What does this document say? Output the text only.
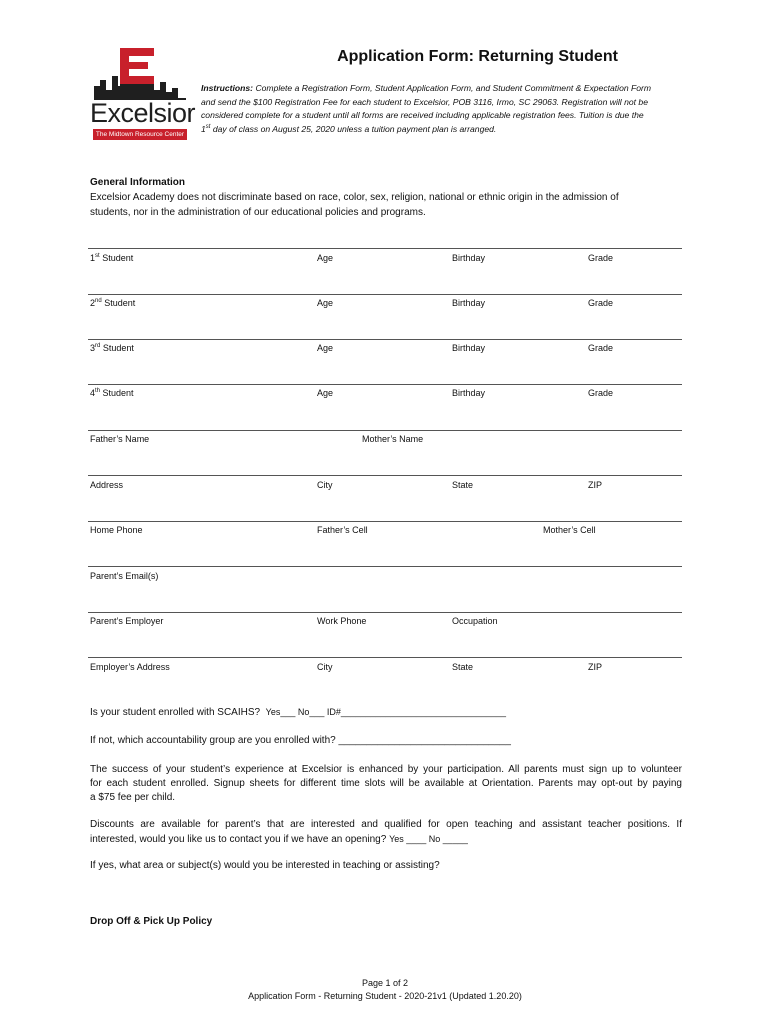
Excelsior
The Midtown Resource Center
Application Form: Returning Student
Instructions: Complete a Registration Form, Student Application Form, and Student Commitment & Expectation Form
and send the $100 Registration Fee for each student to Excelsior, POB 3116, Irmo, SC 29063. Registration will not be
considered complete for a student until all forms are received including applicable registration fees. Tuition is due the
1st day of class on August 25, 2020 unless a tuition payment plan is arranged.
General Information
Excelsior Academy does not discriminate based on race, color, sex, religion, national or ethnic origin in the admission of
students, nor in the administration of our educational policies and programs.
1st Student	Age	Birthday	Grade
2nd Student	Age	Birthday	Grade
3rd Student	Age	Birthday	Grade
4th Student	Age	Birthday	Grade
Father’s Name	Mother’s Name
Address	City	State	ZIP
Home Phone	Father’s Cell	Mother’s Cell
Parent’s Email(s)
Parent’s Employer	Work Phone	Occupation
Employer’s Address	City	State	ZIP
Is your student enrolled with SCAIHS? Yes___ No___ ID#_________________________________
If not, which accountability group are you enrolled with? _______________________________
The success of your student’s experience at Excelsior is enhanced by your participation. All parents must sign up to volunteer
for each student enrolled. Signup sheets for different time slots will be available at Orientation. Parents may opt-out by paying
a $75 fee per child.
Discounts are available for parent’s that are interested and qualified for open teaching and assistant teacher positions. If
interested, would you like us to contact you if we have an opening? Yes ____ No _____
If yes, what area or subject(s) would you be interested in teaching or assisting?
Drop Off & Pick Up Policy
Page 1 of 2
Application Form - Returning Student - 2020-21v1 (Updated 1.20.20)
